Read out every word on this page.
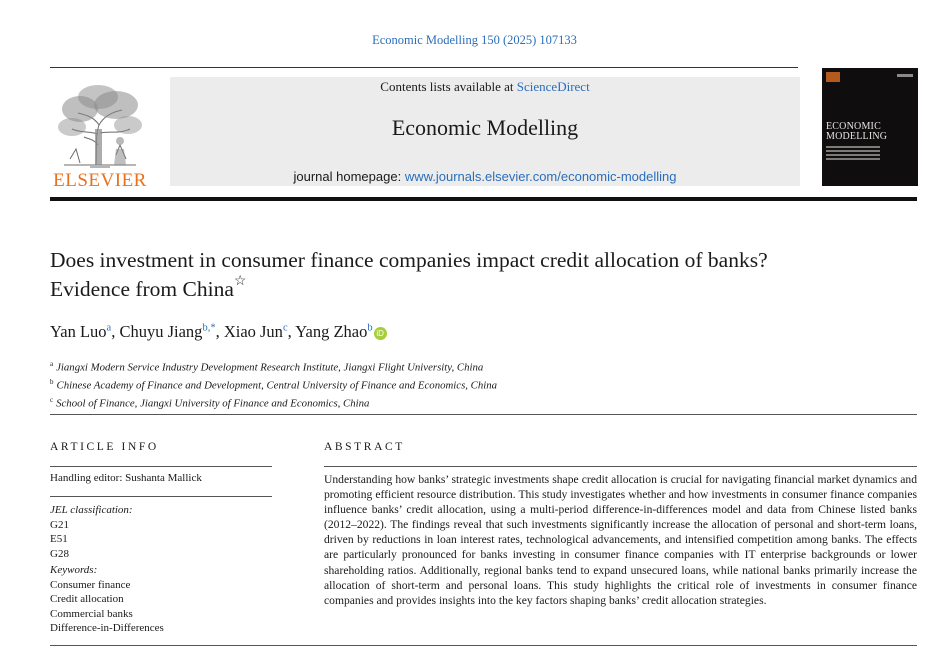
Economic Modelling 150 (2025) 107133
ELSEVIER
Contents lists available at ScienceDirect
Economic Modelling
journal homepage: www.journals.elsevier.com/economic-modelling
ECONOMIC
MODELLING
Does investment in consumer finance companies impact credit allocation of banks? Evidence from China☆
Yan Luo$^a$, Chuyu Jiang$^{b,*}$, Xiao Jun$^c$, Yang Zhao$^b$ iD
$^a$ Jiangxi Modern Service Industry Development Research Institute, Jiangxi Flight University, China
$^b$ Chinese Academy of Finance and Development, Central University of Finance and Economics, China
$^c$ School of Finance, Jiangxi University of Finance and Economics, China
ARTICLE INFO
Handling editor: Sushanta Mallick
JEL classification:
G21
E51
G28
Keywords:
Consumer finance
Credit allocation
Commercial banks
Difference-in-Differences
ABSTRACT
Understanding how banks’ strategic investments shape credit allocation is crucial for navigating financial market dynamics and promoting efficient resource distribution. This study investigates whether and how investments in consumer finance companies influence banks’ credit allocation, using a multi-period difference-in-differences model and data from Chinese listed banks (2012–2022). The findings reveal that such investments significantly increase the allocation of personal and short-term loans, driven by reductions in loan interest rates, technological advancements, and intensified competition among banks. The effects are particularly pronounced for banks investing in consumer finance companies with IT enterprise backgrounds or lower shareholding ratios. Additionally, regional banks tend to expand unsecured loans, while national banks primarily increase the allocation of short-term and personal loans. This study highlights the critical role of investments in consumer finance companies and provides insights into the key factors shaping banks’ credit allocation strategies.
